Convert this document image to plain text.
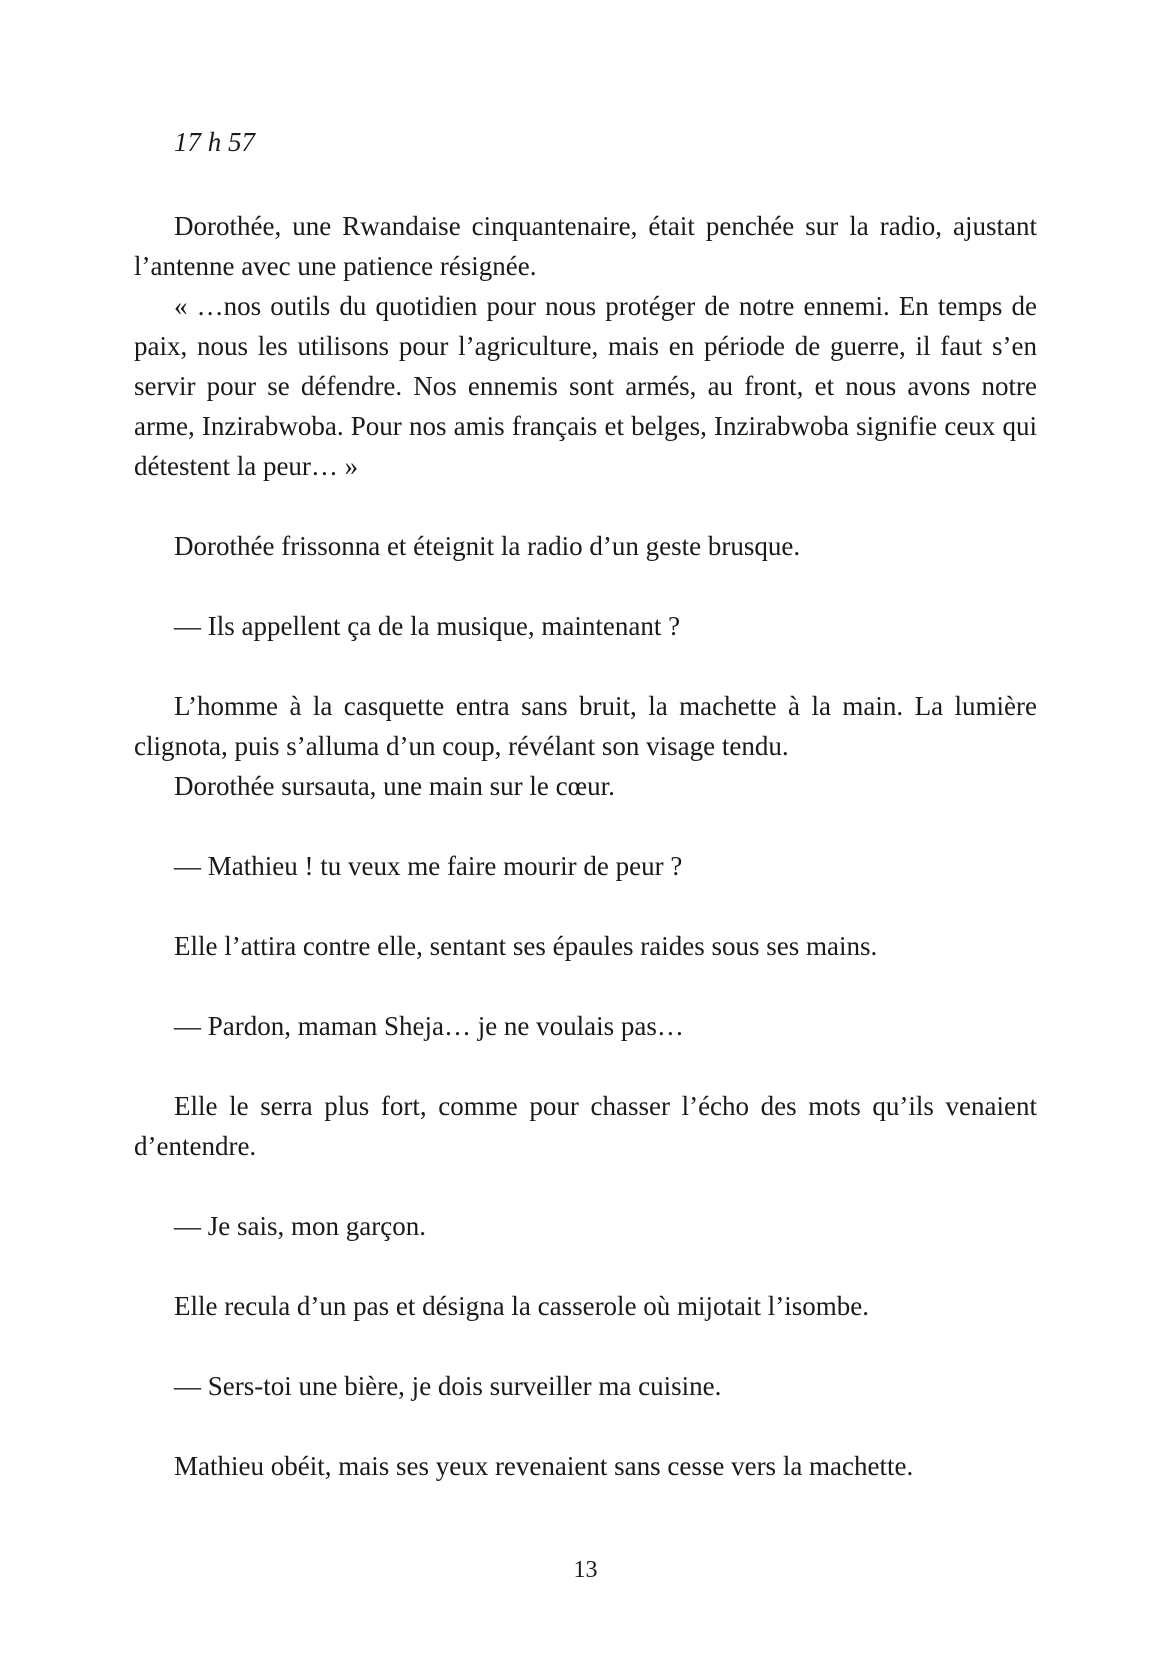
17 h 57

Dorothée, une Rwandaise cinquantenaire, était penchée sur la radio, ajustant l’antenne avec une patience résignée.

« …nos outils du quotidien pour nous protéger de notre ennemi. En temps de paix, nous les utilisons pour l’agriculture, mais en période de guerre, il faut s’en servir pour se défendre. Nos ennemis sont armés, au front, et nous avons notre arme, Inzirabwoba. Pour nos amis français et belges, Inzirabwoba signifie ceux qui détestent la peur… »

Dorothée frissonna et éteignit la radio d’un geste brusque.

— Ils appellent ça de la musique, maintenant ?

L’homme à la casquette entra sans bruit, la machette à la main. La lumière clignota, puis s’alluma d’un coup, révélant son visage tendu.

Dorothée sursauta, une main sur le cœur.

— Mathieu ! tu veux me faire mourir de peur ?

Elle l’attira contre elle, sentant ses épaules raides sous ses mains.

— Pardon, maman Sheja… je ne voulais pas…

Elle le serra plus fort, comme pour chasser l’écho des mots qu’ils venaient d’entendre.

— Je sais, mon garçon.

Elle recula d’un pas et désigna la casserole où mijotait l’isombe.

— Sers-toi une bière, je dois surveiller ma cuisine.

Mathieu obéit, mais ses yeux revenaient sans cesse vers la machette.

13
